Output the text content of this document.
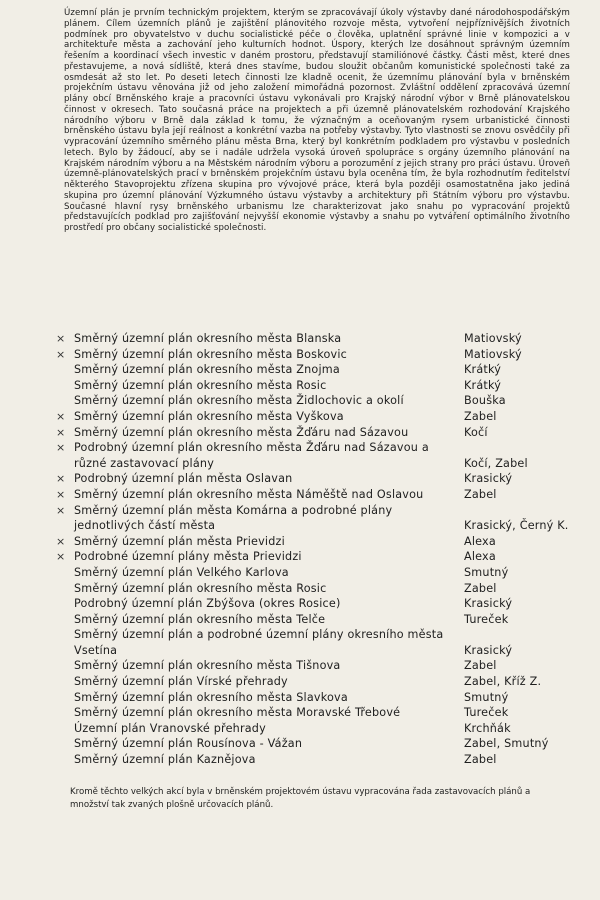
Územní plán je prvním technickým projektem, kterým se zpracovávají úkoly výstavby dané národohospodářským plánem. Cílem územních plánů je zajištění plánovitého rozvoje města, vytvoření nejpříznivějších životních podmínek pro obyvatelstvo v duchu socialistické péče o člověka, uplatnění správné linie v kompozici a v architektuře města a zachování jeho kulturních hodnot. Úspory, kterých lze dosáhnout správným územním řešením a koordinací všech investic v daném prostoru, představují stamiliónové částky. Části měst, které dnes přestavujeme, a nová sídliště, která dnes stavíme, budou sloužit občanům komunistické společnosti také za osmdesát až sto let. Po deseti letech činnosti lze kladně ocenit, že územnímu plánování byla v brněnském projekčním ústavu věnována již od jeho založení mimořádná pozornost. Zvláštní oddělení zpracovává územní plány obcí Brněnského kraje a pracovníci ústavu vykonávali pro Krajský národní výbor v Brně plánovatelskou činnost v okresech. Tato současná práce na projektech a při územně plánovatelském rozhodování Krajského národního výboru v Brně dala základ k tomu, že význačným a oceňovaným rysem urbanistické činnosti brněnského ústavu byla její reálnost a konkrétní vazba na potřeby výstavby. Tyto vlastnosti se znovu osvědčily při vypracování územního směrného plánu města Brna, který byl konkrétním podkladem pro výstavbu v posledních letech. Bylo by žádoucí, aby se i nadále udržela vysoká úroveň spolupráce s orgány územního plánování na Krajském národním výboru a na Městském národním výboru a porozumění z jejich strany pro práci ústavu. Úroveň územně-plánovatelských prací v brněnském projekčním ústavu byla oceněna tím, že byla rozhodnutím ředitelství některého Stavoprojektu zřízena skupina pro vývojové práce, která byla později osamostatněna jako jediná skupina pro územní plánování Výzkumného ústavu výstavby a architektury při Státním výboru pro výstavbu. Současné hlavní rysy brněnského urbanismu lze charakterizovat jako snahu po vypracování projektů představujících podklad pro zajišťování nejvyšší ekonomie výstavby a snahu po vytváření optimálního životního prostředí pro občany socialistické společnosti.

× Směrný územní plán okresního města Blanska	Matiovský
× Směrný územní plán okresního města Boskovic	Matiovský
Směrný územní plán okresního města Znojma	Krátký
Směrný územní plán okresního města Rosic	Krátký
Směrný územní plán okresního města Židlochovic a okolí	Bouška
× Směrný územní plán okresního města Vyškova	Zabel
× Směrný územní plán okresního města Žďáru nad Sázavou	Kočí
× Podrobný územní plán okresního města Žďáru nad Sázavou a různé zastavovací plány	Kočí, Zabel
× Podrobný územní plán města Oslavan	Krasický
× Směrný územní plán okresního města Náměště nad Oslavou	Zabel
× Směrný územní plán města Komárna a podrobné plány jednotlivých částí města	Krasický, Černý K.
× Směrný územní plán města Prievidzi	Alexa
× Podrobné územní plány města Prievidzi	Alexa
Směrný územní plán Velkého Karlova	Smutný
Směrný územní plán okresního města Rosic	Zabel
Podrobný územní plán Zbýšova (okres Rosice)	Krasický
Směrný územní plán okresního města Telče	Tureček
Směrný územní plán a podrobné územní plány okresního města Vsetína	Krasický
Směrný územní plán okresního města Tišnova	Zabel
Směrný územní plán Vírské přehrady	Zabel, Kříž Z.
Směrný územní plán okresního města Slavkova	Smutný
Směrný územní plán okresního města Moravské Třebové	Tureček
Územní plán Vranovské přehrady	Krchňák
Směrný územní plán Rousínova - Vážan	Zabel, Smutný
Směrný územní plán Kaznějova	Zabel

Kromě těchto velkých akcí byla v brněnském projektovém ústavu vypracována řada zastavovacích plánů a množství tak zvaných plošně určovacích plánů.
